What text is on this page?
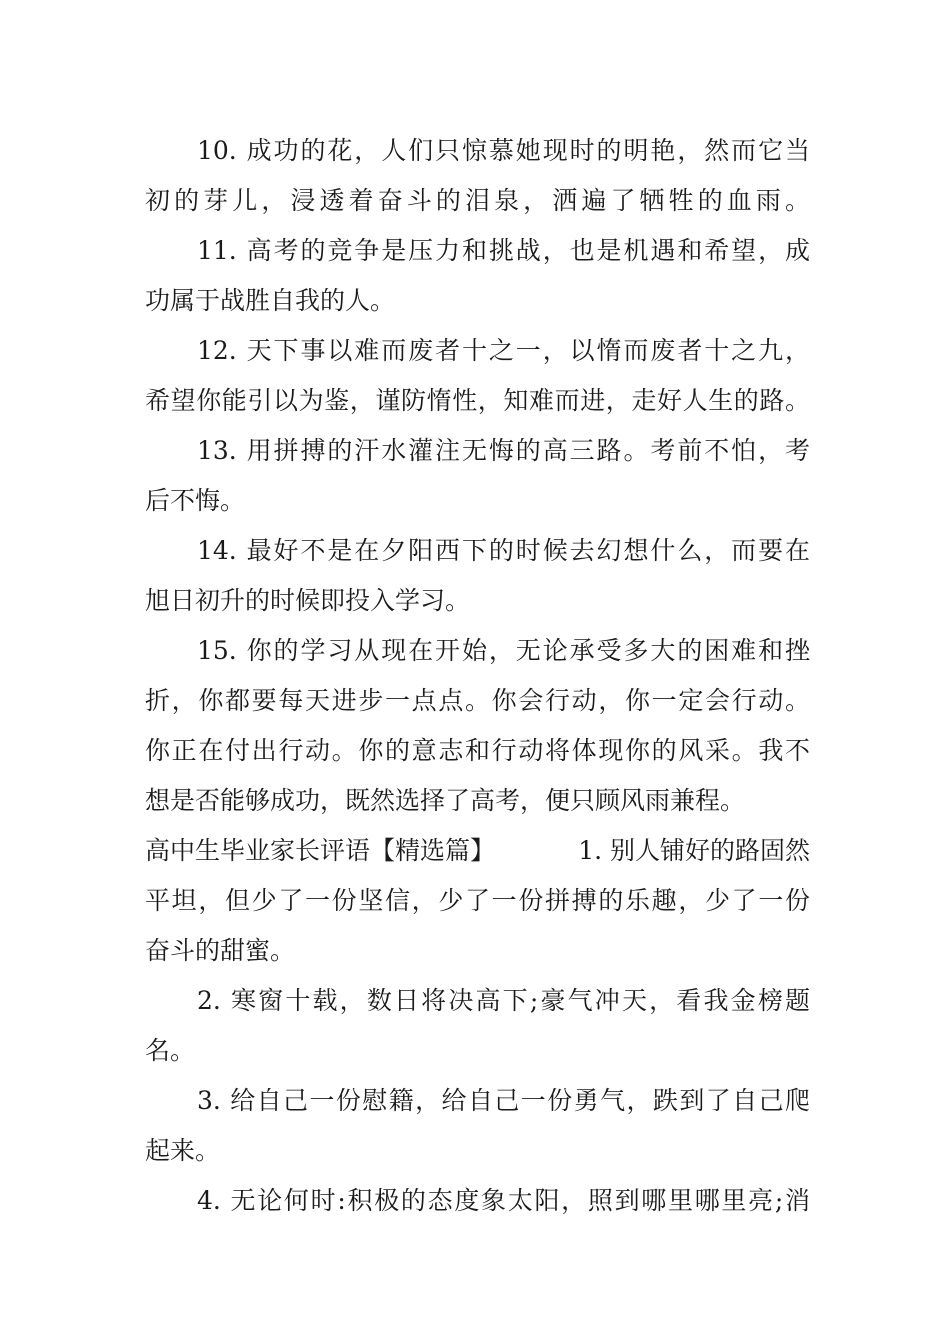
10. 成功的花，人们只惊慕她现时的明艳，然而它当
初的芽儿，浸透着奋斗的泪泉，洒遍了牺牲的血雨。
11. 高考的竞争是压力和挑战，也是机遇和希望，成
功属于战胜自我的人。
12. 天下事以难而废者十之一，以惰而废者十之九，
希望你能引以为鉴，谨防惰性，知难而进，走好人生的路。
13. 用拼搏的汗水灌注无悔的高三路。考前不怕，考
后不悔。
14. 最好不是在夕阳西下的时候去幻想什么，而要在
旭日初升的时候即投入学习。
15. 你的学习从现在开始，无论承受多大的困难和挫
折，你都要每天进步一点点。你会行动，你一定会行动。
你正在付出行动。你的意志和行动将体现你的风采。我不
想是否能够成功，既然选择了高考，便只顾风雨兼程。
高中生毕业家长评语【精选篇】	1. 别人铺好的路固然
平坦，但少了一份坚信，少了一份拼搏的乐趣，少了一份
奋斗的甜蜜。
2. 寒窗十载，数日将决高下;豪气冲天，看我金榜题
名。
3. 给自己一份慰籍，给自己一份勇气，跌到了自己爬
起来。
4. 无论何时:积极的态度象太阳，照到哪里哪里亮;消
